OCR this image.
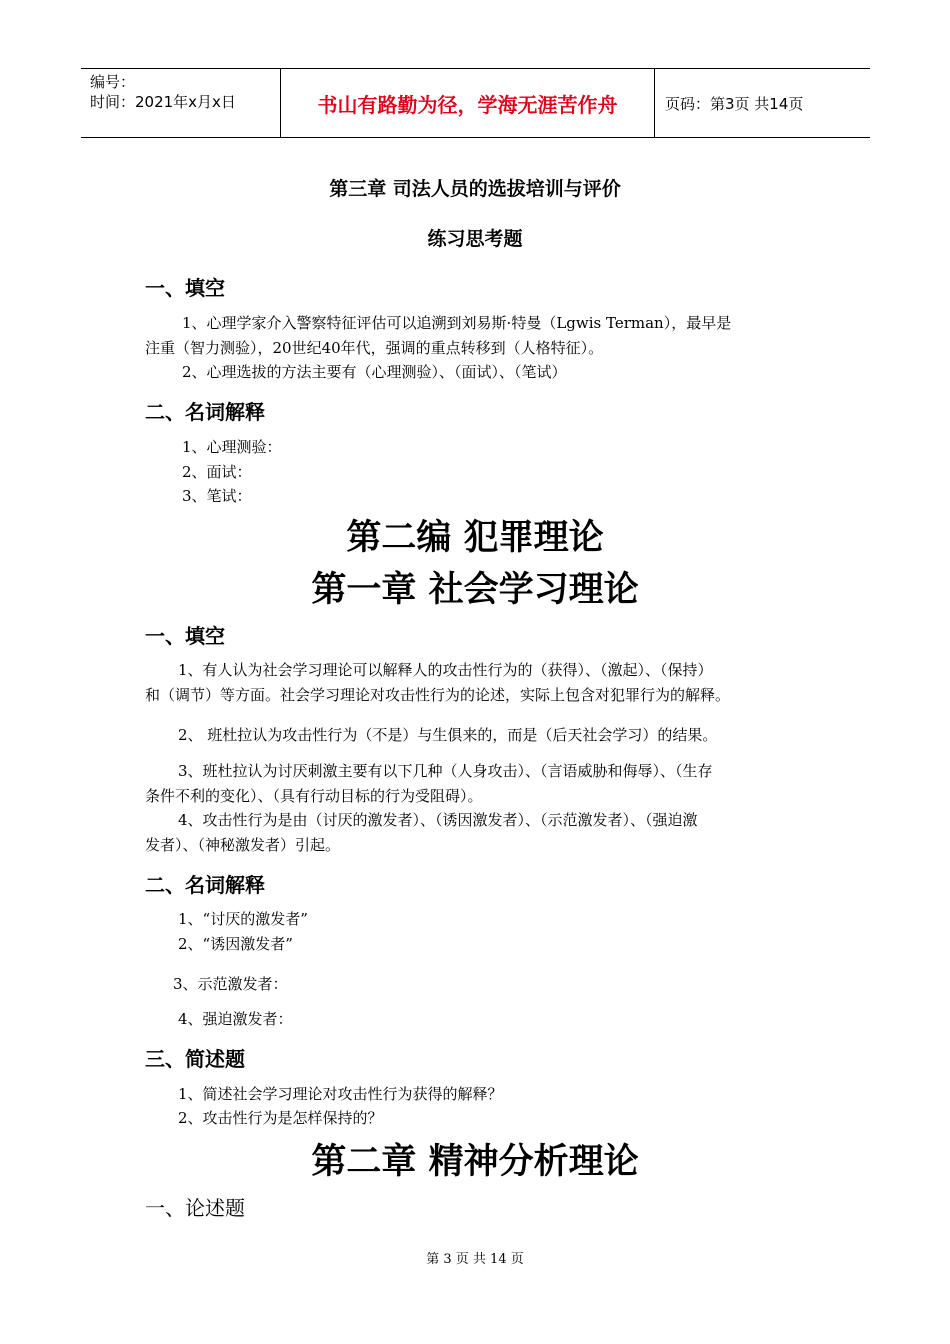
编号：
时间：2021年x月x日	书山有路勤为径，学海无涯苦作舟	页码：第3页 共14页
第三章 司法人员的选拔培训与评价
练习思考题
一、填空
1、心理学家介入警察特征评估可以追溯到刘易斯·特曼（Lgwis Terman），最早是
注重（智力测验），20世纪40年代，强调的重点转移到（人格特征）。
2、心理选拔的方法主要有（心理测验）、（面试）、（笔试）
二、名词解释
1、心理测验：
2、面试：
3、笔试：
第二编 犯罪理论
第一章 社会学习理论
一、填空
1、有人认为社会学习理论可以解释人的攻击性行为的（获得）、（激起）、（保持）
和（调节）等方面。社会学习理论对攻击性行为的论述，实际上包含对犯罪行为的解释。
2、 班杜拉认为攻击性行为（不是）与生俱来的，而是（后天社会学习）的结果。
3、班杜拉认为讨厌刺激主要有以下几种（人身攻击）、（言语威胁和侮辱）、（生存
条件不利的变化）、（具有行动目标的行为受阻碍）。
4、攻击性行为是由（讨厌的激发者）、（诱因激发者）、（示范激发者）、（强迫激
发者）、（神秘激发者）引起。
二、名词解释
1、“讨厌的激发者”
2、“诱因激发者”
3、示范激发者：
4、强迫激发者：
三、简述题
1、简述社会学习理论对攻击性行为获得的解释？
2、攻击性行为是怎样保持的？
第二章 精神分析理论
一、论述题
第 3 页 共 14 页
